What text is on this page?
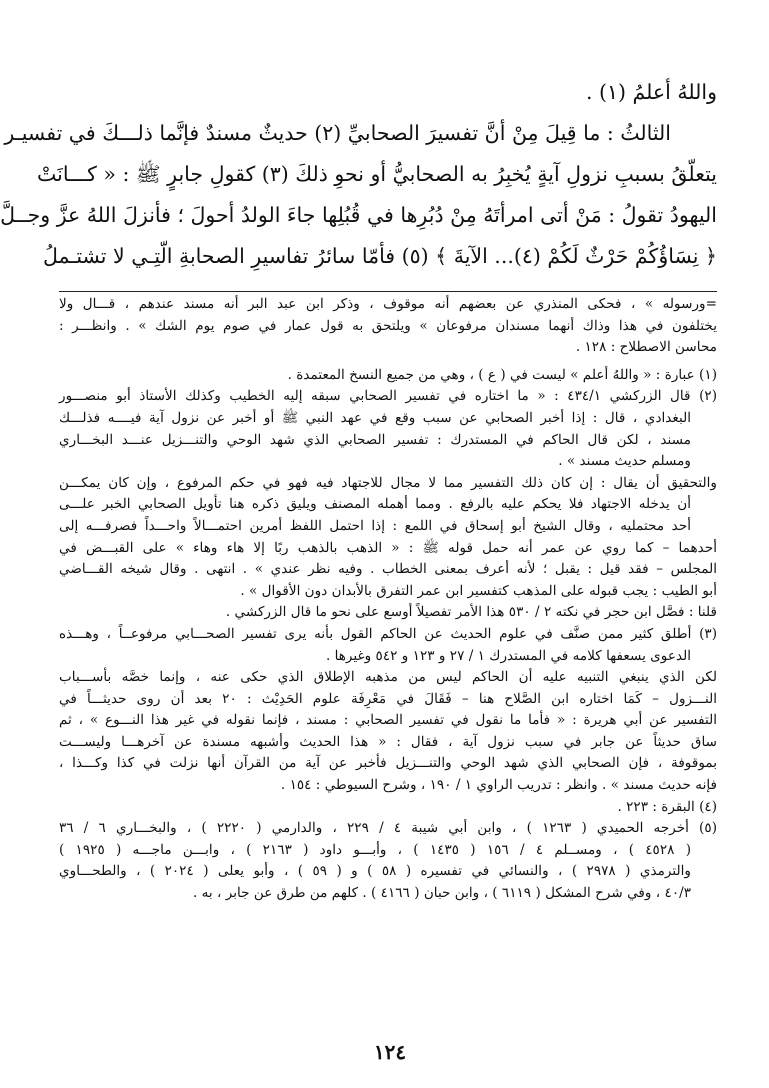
واللهُ أعلمُ (١) .

الثالثُ : ما قِيلَ مِنْ أنَّ تفسيرَ الصحابيِّ (٢) حديثٌ مسندٌ فإنَّما ذلـــكَ في تفسيـر

يتعلّقُ بسببِ نزولِ آيةٍ يُخبِرُ به الصحابيُّ أو نحوِ ذلكَ (٣) كقولِ جابرٍ ﷺ : « كـــانَتْ

اليهودُ تقولُ : مَنْ أتى امرأتَهُ مِنْ دُبُرِها في قُبُلِها جاءَ الولدُ أحولَ ؛ فأنزلَ اللهُ عزَّ وجــلَّ

﴿ نِسَاؤُكُمْ حَرْثٌ لَكُمْ (٤)... الآيةَ ﴾ (٥) فأمّا سائرُ تفاسيرِ الصحابةِ الّتِـي لا تشتـملُ

=ورسوله » ، فحكى المنذري عن بعضهم أنه موقوف ، وذكر ابن عبد البر أنه مسند عندهم ، قـــال ولا

يختلفون في هذا وذاك أنهما مسندان مرفوعان » ويلتحق به قول عمار في صوم يوم الشك » . وانظـــر :

محاسن الاصطلاح : ١٢٨ .

(١) عبارة : « واللهُ أعلم » ليست في ( ع ) ، وهي من جميع النسخ المعتمدة .

(٢) قال الزركشي ٤٣٤/١ : « ما اختاره في تفسير الصحابي سبقه إليه الخطيب وكذلك الأستاذ أبو منصـــور

البغدادي ، قال : إذا أخبر الصحابي عن سبب وقع في عهد النبي ﷺ أو أخبر عن نزول آية فيــــه فذلـــك

مسند ، لكن قال الحاكم في المستدرك : تفسير الصحابي الذي شهد الوحي والتنـــزيل عنـــد البخـــاري

ومسلم حديث مسند » .

والتحقيق أن يقال : إن كان ذلك التفسير مما لا مجال للاجتهاد فيه فهو في حكم المرفوع ، وإن كان يمكـــن

أن يدخله الاجتهاد فلا يحكم عليه بالرفع . ومما أهمله المصنف ويليق ذكره هنا تأويل الصحابي الخبر علـــى

أحد محتمليه ، وقال الشيخ أبو إسحاق في اللمع : إذا احتمل اللفظ أمرين احتمـــالاً واحـــداً فصرفـــه إلى

أحدهما – كما روي عن عمر أنه حمل قوله ﷺ : « الذهب بالذهب ربًا إلا هاء وهاء » على القبـــض في

المجلس – فقد قيل : يقبل ؛ لأنه أعرف بمعنى الخطاب . وفيه نظر عندي » . انتهى . وقال شيخه القـــاضي

أبو الطيب : يجب قبوله على المذهب كتفسير ابن عمر التفرق بالأبدان دون الأقوال » .

قلنا : فصَّل ابن حجر في نكته ٢ / ٥٣٠ هذا الأمر تفصيلاً أوسع على نحو ما قال الزركشي .

(٣) أطلق كثير ممن صنَّف في علوم الحديث عن الحاكم القول بأنه يرى تفسير الصحـــابي مرفوعــاً ، وهـــذه

الدعوى يسعفها كلامه في المستدرك ١ / ٢٧ و ١٢٣ و ٥٤٢ وغيرها .

لكن الذي ينبغي التنبيه عليه أن الحاكم ليس من مذهبه الإطلاق الذي حكى عنه ، وإنما خصَّه بأســـباب

النـــزول – كَمَا اختاره ابن الصَّلاح هنا – فَقَالَ في مَعْرِفَة علوم الحَدِيْث : ٢٠ بعد أن روى حديثـــاً في

التفسير عن أبي هريرة : « فأما ما نقول في تفسير الصحابي : مسند ، فإنما نقوله في غير هذا النـــوع » ، ثم

ساق حديثاً عن جابر في سبب نزول آية ، فقال : « هذا الحديث وأشبهه مسندة عن آخرهـــا وليســـت

بموقوفة ، فإن الصحابي الذي شهد الوحي والتنـــزيل فأخبر عن آية من القرآن أنها نزلت في كذا وكـــذا ،

فإنه حديث مسند » . وانظر : تدريب الراوي ١ / ١٩٠ ، وشرح السيوطي : ١٥٤ .

(٤) البقرة : ٢٢٣ .

(٥) أخرجه الحميدي ( ١٢٦٣ ) ، وابن أبي شيبة ٤ / ٢٢٩ ، والدارمي ( ٢٢٢٠ ) ، والبخـــاري ٦ / ٣٦

( ٤٥٢٨ ) ، ومســلم ٤ / ١٥٦ ( ١٤٣٥ ) ، وأبـــو داود ( ٢١٦٣ ) ، وابـــن ماجـــه ( ١٩٢٥ )

والترمذي ( ٢٩٧٨ ) ، والنسائي في تفسيره ( ٥٨ ) و ( ٥٩ ) ، وأبو يعلى ( ٢٠٢٤ ) ، والطحـــاوي

٤٠/٣ ، وفي شرح المشكل ( ٦١١٩ ) ، وابن حبان ( ٤١٦٦ ) . كلهم من طرق عن جابر ، به .

١٢٤
